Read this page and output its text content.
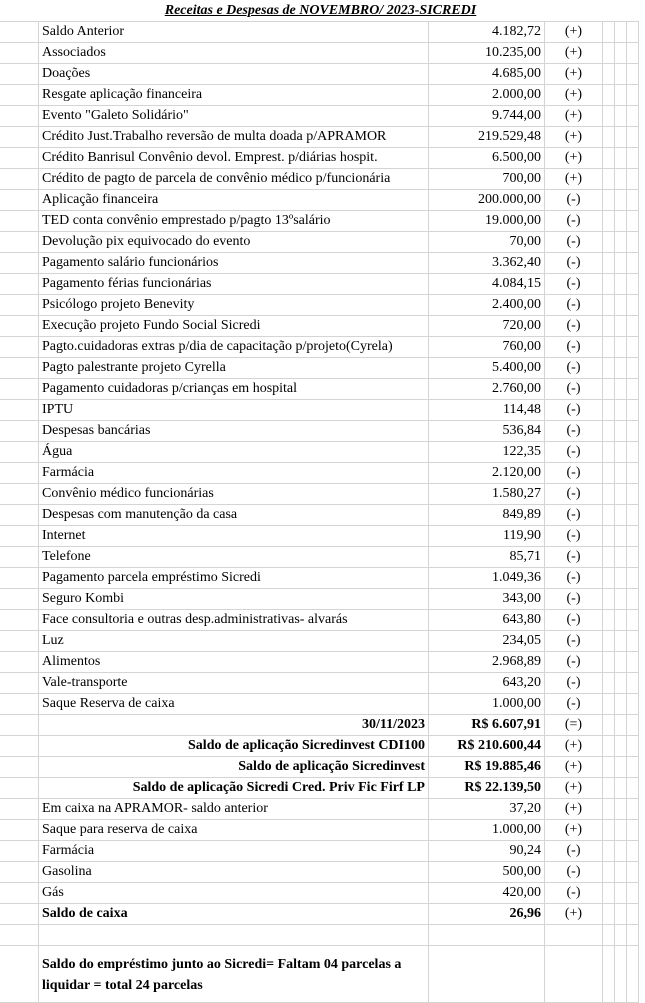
	Receitas e Despesas de NOVEMBRO/ 2023-SICREDI					
	Saldo Anterior	4.182,72	(+)			
	Associados	10.235,00	(+)			
	Doações	4.685,00	(+)			
	Resgate aplicação financeira	2.000,00	(+)			
	Evento "Galeto Solidário"	9.744,00	(+)			
	Crédito Just.Trabalho reversão de multa doada p/APRAMOR	219.529,48	(+)			
	Crédito Banrisul Convênio devol. Emprest. p/diárias hospit.	6.500,00	(+)			
	Crédito de pagto de parcela de convênio médico p/funcionária	700,00	(+)			
	Aplicação financeira	200.000,00	(-)			
	TED conta convênio emprestado p/pagto 13ºsalário	19.000,00	(-)			
	Devolução pix equivocado do evento	70,00	(-)			
	Pagamento salário funcionários	3.362,40	(-)			
	Pagamento férias funcionárias	4.084,15	(-)			
	Psicólogo projeto Benevity	2.400,00	(-)			
	Execução projeto Fundo Social Sicredi	720,00	(-)			
	Pagto.cuidadoras extras p/dia de capacitação p/projeto(Cyrela)	760,00	(-)			
	Pagto palestrante projeto Cyrella	5.400,00	(-)			
	Pagamento cuidadoras p/crianças em hospital	2.760,00	(-)			
	IPTU	114,48	(-)			
	Despesas bancárias	536,84	(-)			
	Água	122,35	(-)			
	Farmácia	2.120,00	(-)			
	Convênio médico funcionárias	1.580,27	(-)			
	Despesas com manutenção da casa	849,89	(-)			
	Internet	119,90	(-)			
	Telefone	85,71	(-)			
	Pagamento parcela empréstimo Sicredi	1.049,36	(-)			
	Seguro Kombi	343,00	(-)			
	Face consultoria e outras desp.administrativas- alvarás	643,80	(-)			
	Luz	234,05	(-)			
	Alimentos	2.968,89	(-)			
	Vale-transporte	643,20	(-)			
	Saque Reserva de caixa	1.000,00	(-)			
	30/11/2023	R$ 6.607,91	(=)			
	Saldo de aplicação Sicredinvest CDI100	R$ 210.600,44	(+)			
	Saldo de aplicação Sicredinvest	R$ 19.885,46	(+)			
	Saldo de aplicação Sicredi Cred. Priv Fic Firf LP	R$ 22.139,50	(+)			
	Em caixa na APRAMOR- saldo anterior	37,20	(+)			
	Saque para reserva de caixa	1.000,00	(+)			
	Farmácia	90,24	(-)			
	Gasolina	500,00	(-)			
	Gás	420,00	(-)			
	Saldo de caixa	26,96	(+)			

	Saldo do empréstimo junto ao Sicredi= Faltam 04 parcelas a liquidar = total 24 parcelas					
